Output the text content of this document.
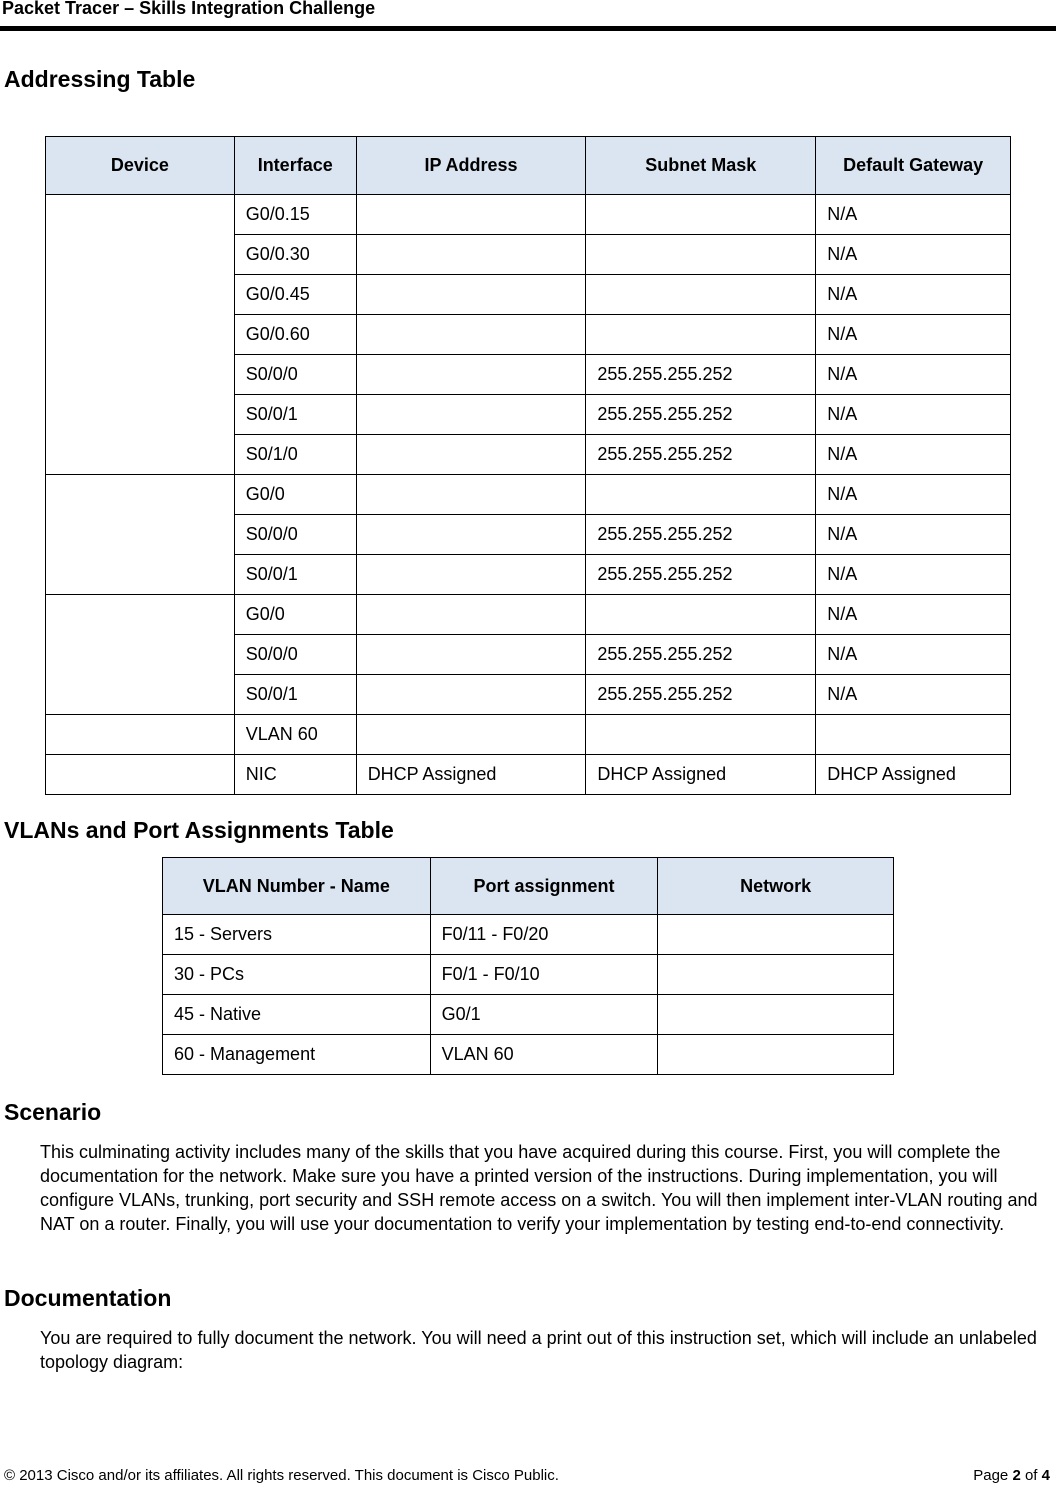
Packet Tracer – Skills Integration Challenge
Addressing Table
Device	Interface	IP Address	Subnet Mask	Default Gateway
	G0/0.15			N/A
	G0/0.30			N/A
	G0/0.45			N/A
	G0/0.60			N/A
	S0/0/0		255.255.255.252	N/A
	S0/0/1		255.255.255.252	N/A
	S0/1/0		255.255.255.252	N/A
	G0/0			N/A
	S0/0/0		255.255.255.252	N/A
	S0/0/1		255.255.255.252	N/A
	G0/0			N/A
	S0/0/0		255.255.255.252	N/A
	S0/0/1		255.255.255.252	N/A
	VLAN 60			
	NIC	DHCP Assigned	DHCP Assigned	DHCP Assigned
VLANs and Port Assignments Table
VLAN Number - Name	Port assignment	Network
15 - Servers	F0/11 - F0/20	
30 - PCs	F0/1 - F0/10	
45 - Native	G0/1	
60 - Management	VLAN 60	
Scenario

This culminating activity includes many of the skills that you have acquired during this course. First, you will complete the documentation for the network. Make sure you have a printed version of the instructions. During implementation, you will configure VLANs, trunking, port security and SSH remote access on a switch. You will then implement inter-VLAN routing and NAT on a router. Finally, you will use your documentation to verify your implementation by testing end-to-end connectivity.

Documentation

You are required to fully document the network. You will need a print out of this instruction set, which will include an unlabeled topology diagram:

© 2013 Cisco and/or its affiliates. All rights reserved. This document is Cisco Public.	Page 2 of 4
